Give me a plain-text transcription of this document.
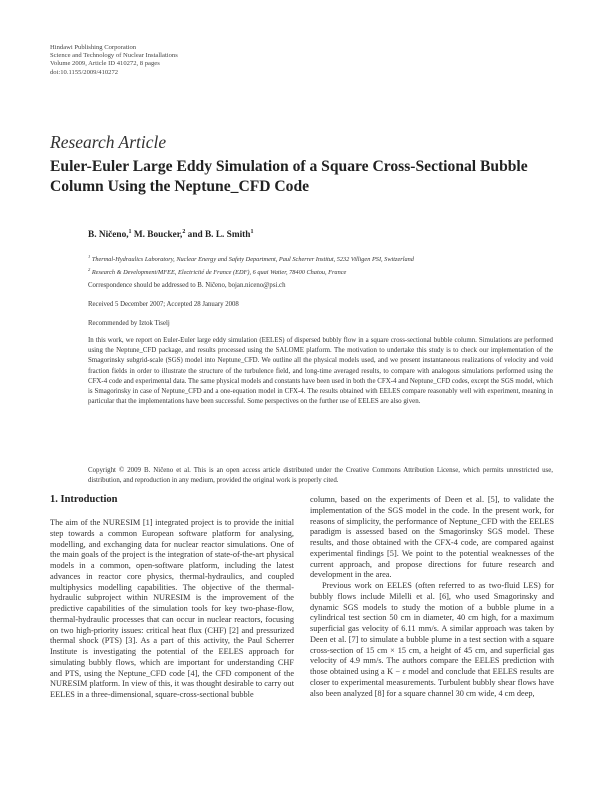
Hindawi Publishing Corporation
Science and Technology of Nuclear Installations
Volume 2009, Article ID 410272, 8 pages
doi:10.1155/2009/410272
Research Article
Euler-Euler Large Eddy Simulation of a Square Cross-Sectional Bubble Column Using the Neptune_CFD Code
B. Ničeno,$^1$ M. Boucker,$^2$ and B. L. Smith$^1$
$^1$ Thermal-Hydraulics Laboratory, Nuclear Energy and Safety Department, Paul Scherrer Institut, 5232 Villigen PSI, Switzerland
$^2$ Research & Development/MFEE, Electricité de France (EDF), 6 quai Watier, 78400 Chatou, France
Correspondence should be addressed to B. Ničeno, bojan.niceno@psi.ch
Received 5 December 2007; Accepted 28 January 2008
Recommended by Iztok Tiselj
In this work, we report on Euler-Euler large eddy simulation (EELES) of dispersed bubbly flow in a square cross-sectional bubble column. Simulations are performed using the Neptune_CFD package, and results processed using the SALOME platform. The motivation to undertake this study is to check our implementation of the Smagorinsky subgrid-scale (SGS) model into Neptune_CFD. We outline all the physical models used, and we present instantaneous realizations of velocity and void fraction fields in order to illustrate the structure of the turbulence field, and long-time averaged results, to compare with analogous simulations performed using the CFX-4 code and experimental data. The same physical models and constants have been used in both the CFX-4 and Neptune_CFD codes, except the SGS model, which is Smagorinsky in case of Neptune_CFD and a one-equation model in CFX-4. The results obtained with EELES compare reasonably well with experiment, meaning in particular that the implementations have been successful. Some perspectives on the further use of EELES are also given.
Copyright © 2009 B. Ničeno et al. This is an open access article distributed under the Creative Commons Attribution License, which permits unrestricted use, distribution, and reproduction in any medium, provided the original work is properly cited.
1. Introduction

The aim of the NURESIM [1] integrated project is to provide the initial step towards a common European software platform for analysing, modelling, and exchanging data for nuclear reactor simulations. One of the main goals of the project is the integration of state-of-the-art physical models in a common, open-software platform, including the latest advances in reactor core physics, thermal-hydraulics, and coupled multiphysics modelling capabilities. The objective of the thermal-hydraulic subproject within NURESIM is the improvement of the predictive capabilities of the simulation tools for key two-phase-flow, thermal-hydraulic processes that can occur in nuclear reactors, focusing on two high-priority issues: critical heat flux (CHF) [2] and pressurized thermal shock (PTS) [3]. As a part of this activity, the Paul Scherrer Institute is investigating the potential of the EELES approach for simulating bubbly flows, which are important for understanding CHF and PTS, using the Neptune_CFD code [4], the CFD component of the NURESIM platform. In view of this, it was thought desirable to carry out EELES in a three-dimensional, square-cross-sectional bubble

column, based on the experiments of Deen et al. [5], to validate the implementation of the SGS model in the code. In the present work, for reasons of simplicity, the performance of Neptune_CFD with the EELES paradigm is assessed based on the Smagorinsky SGS model. These results, and those obtained with the CFX-4 code, are compared against experimental findings [5]. We point to the potential weaknesses of the current approach, and propose directions for future research and development in the area.

Previous work on EELES (often referred to as two-fluid LES) for bubbly flows include Milelli et al. [6], who used Smagorinsky and dynamic SGS models to study the motion of a bubble plume in a cylindrical test section 50 cm in diameter, 40 cm high, for a maximum superficial gas velocity of 6.11 mm/s. A similar approach was taken by Deen et al. [7] to simulate a bubble plume in a test section with a square cross-section of 15 cm × 15 cm, a height of 45 cm, and superficial gas velocity of 4.9 mm/s. The authors compare the EELES prediction with those obtained using a K − ε model and conclude that EELES results are closer to experimental measurements. Turbulent bubbly shear flows have also been analyzed [8] for a square channel 30 cm wide, 4 cm deep,
